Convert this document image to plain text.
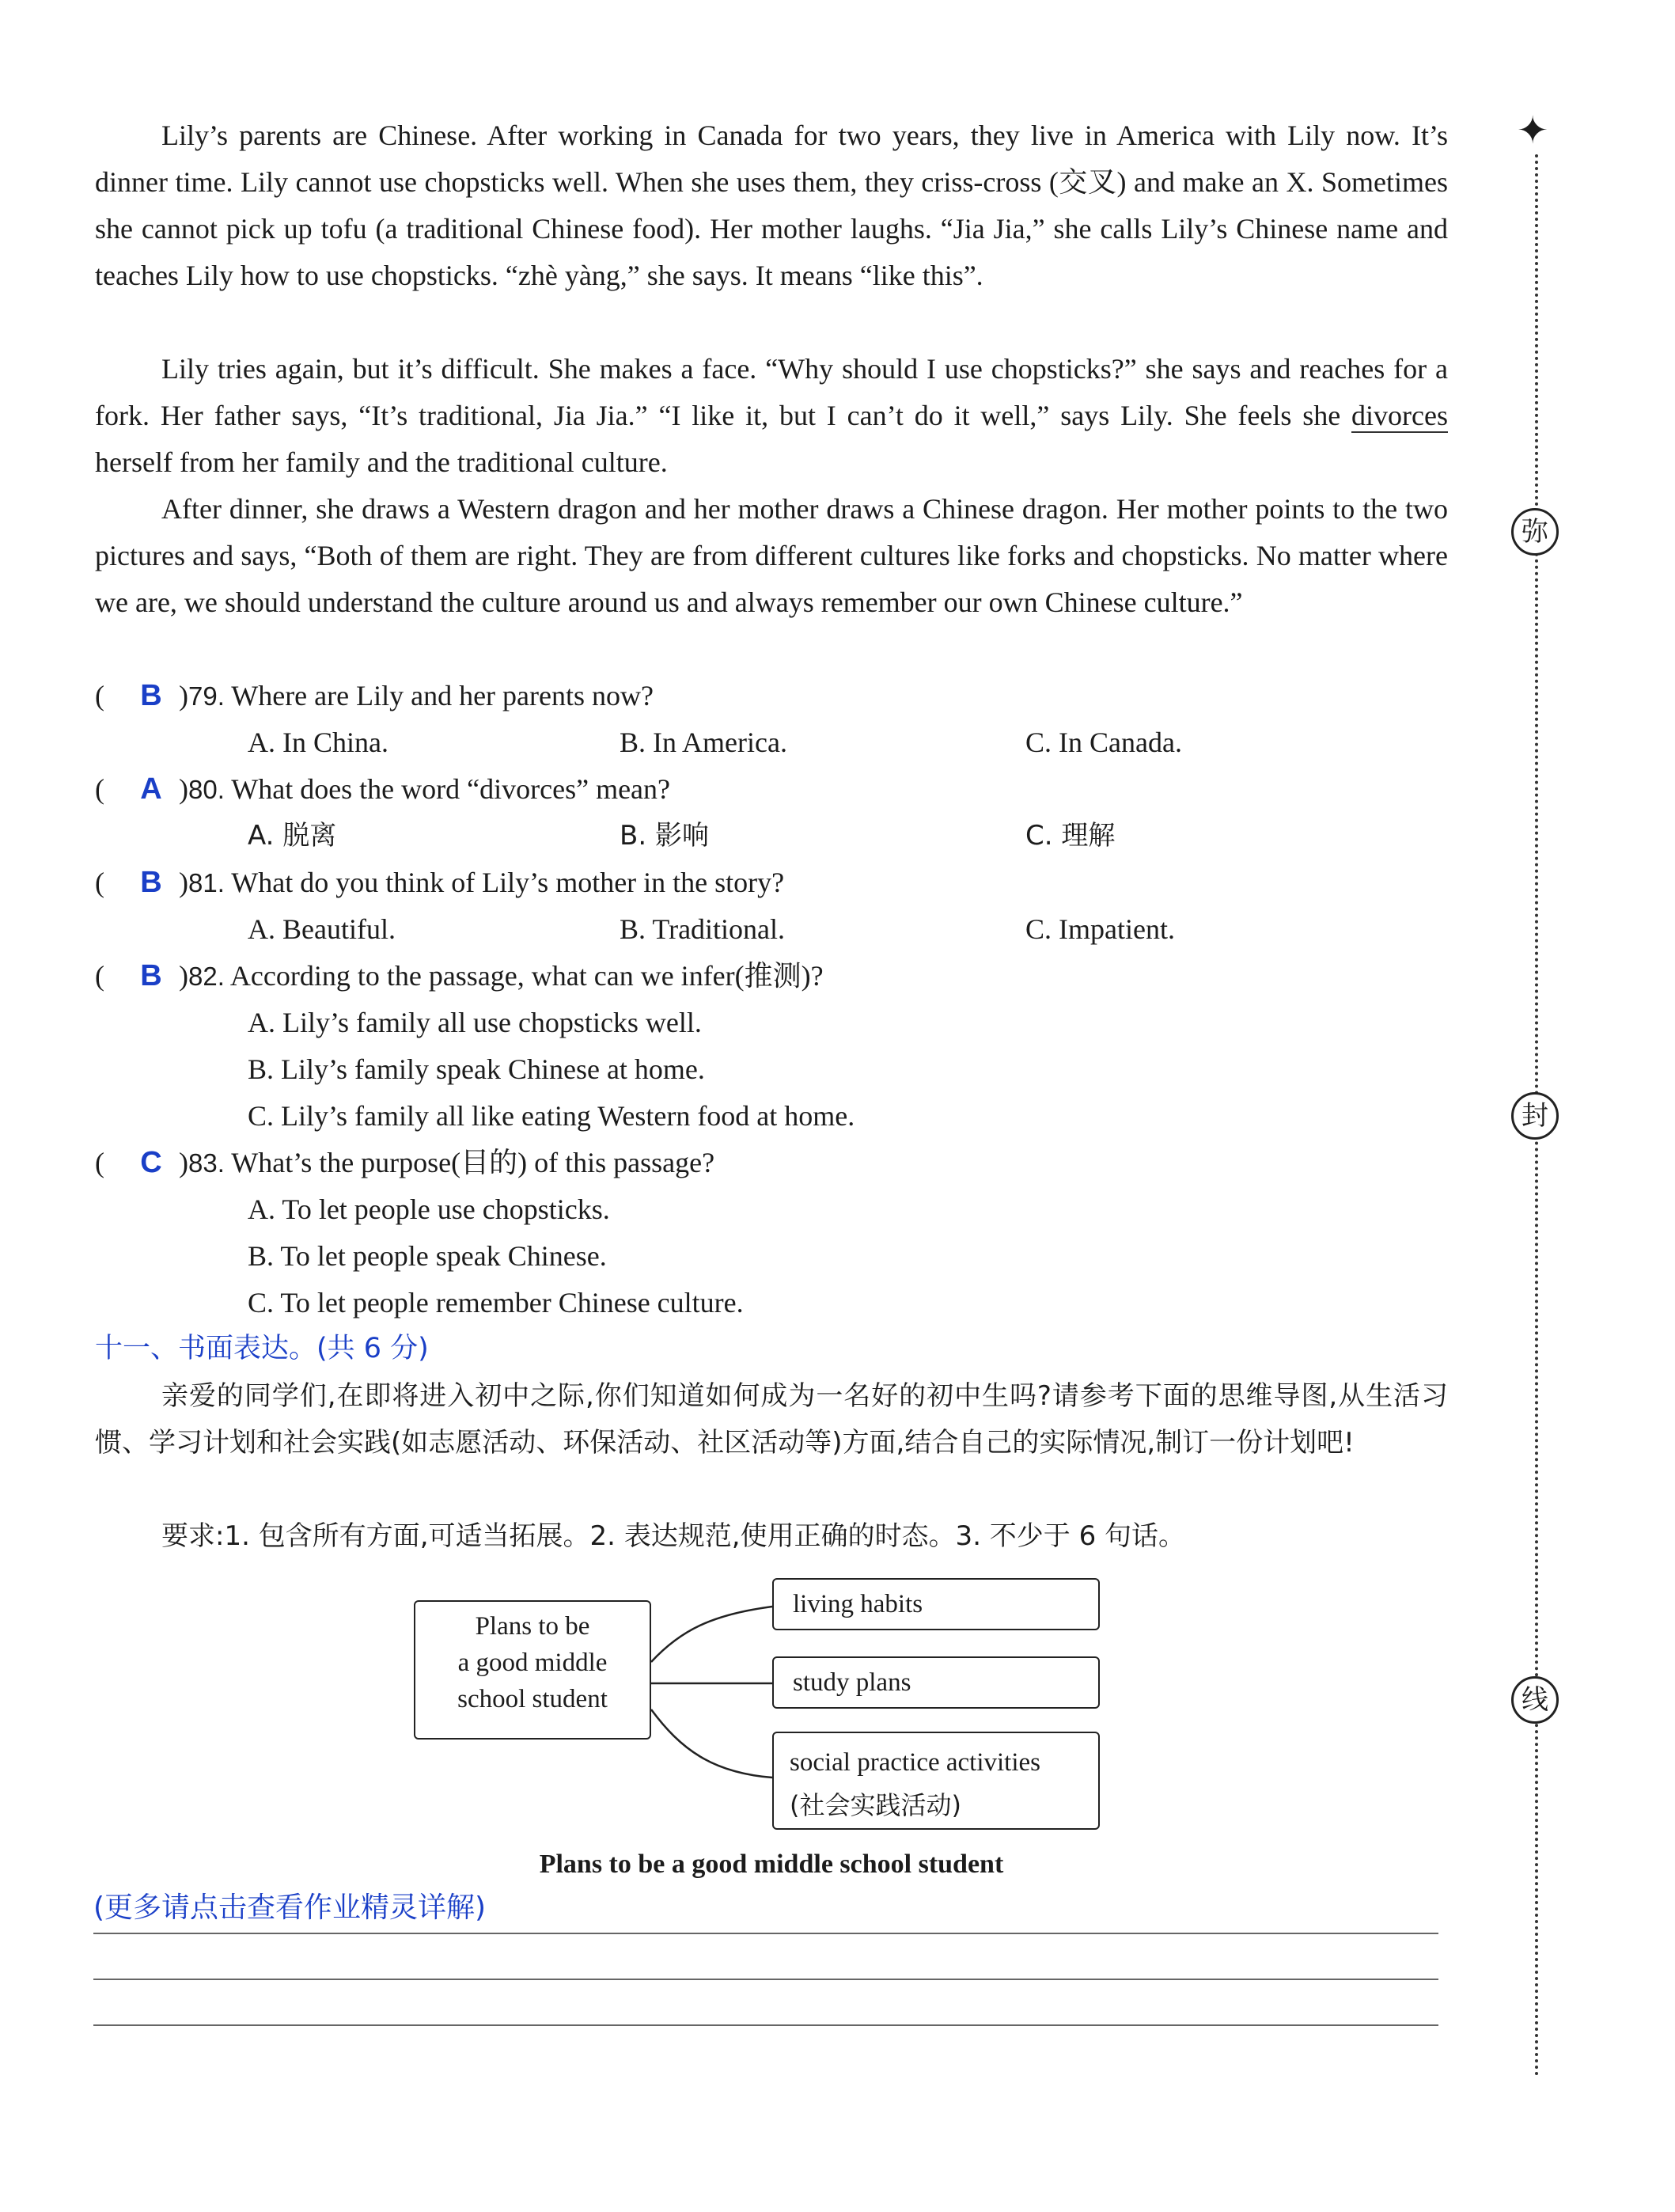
Lily’s parents are Chinese. After working in Canada for two years, they live in America with Lily now. It’s dinner time. Lily cannot use chopsticks well. When she uses them, they criss-cross (交叉) and make an X. Sometimes she cannot pick up tofu (a traditional Chinese food). Her mother laughs. “Jia Jia,” she calls Lily’s Chinese name and teaches Lily how to use chopsticks. “zhè yàng,” she says. It means “like this”.

Lily tries again, but it’s difficult. She makes a face. “Why should I use chopsticks?” she says and reaches for a fork. Her father says, “It’s traditional, Jia Jia.” “I like it, but I can’t do it well,” says Lily. She feels she divorces herself from her family and the traditional culture.

After dinner, she draws a Western dragon and her mother draws a Chinese dragon. Her mother points to the two pictures and says, “Both of them are right. They are from different cultures like forks and chopsticks. No matter where we are, we should understand the culture around us and always remember our own Chinese culture.”

( B )79. Where are Lily and her parents now?
A. In China.	B. In America.	C. In Canada.
( A )80. What does the word “divorces” mean?
A. 脱离	B. 影响	C. 理解
( B )81. What do you think of Lily’s mother in the story?
A. Beautiful.	B. Traditional.	C. Impatient.
( B )82. According to the passage, what can we infer(推测)?
A. Lily’s family all use chopsticks well.
B. Lily’s family speak Chinese at home.
C. Lily’s family all like eating Western food at home.
( C )83. What’s the purpose(目的) of this passage?
A. To let people use chopsticks.
B. To let people speak Chinese.
C. To let people remember Chinese culture.
十一、书面表达。(共 6 分)

亲爱的同学们,在即将进入初中之际,你们知道如何成为一名好的初中生吗?请参考下面的思维导图,从生活习惯、学习计划和社会实践(如志愿活动、环保活动、社区活动等)方面,结合自己的实际情况,制订一份计划吧!

要求:1. 包含所有方面,可适当拓展。2. 表达规范,使用正确的时态。3. 不少于 6 句话。

Plans to be
a good middle
school student
living habits
study plans
social practice activities
(社会实践活动)
Plans to be a good middle school student
(更多请点击查看作业精灵详解)
✦
弥
封
线
